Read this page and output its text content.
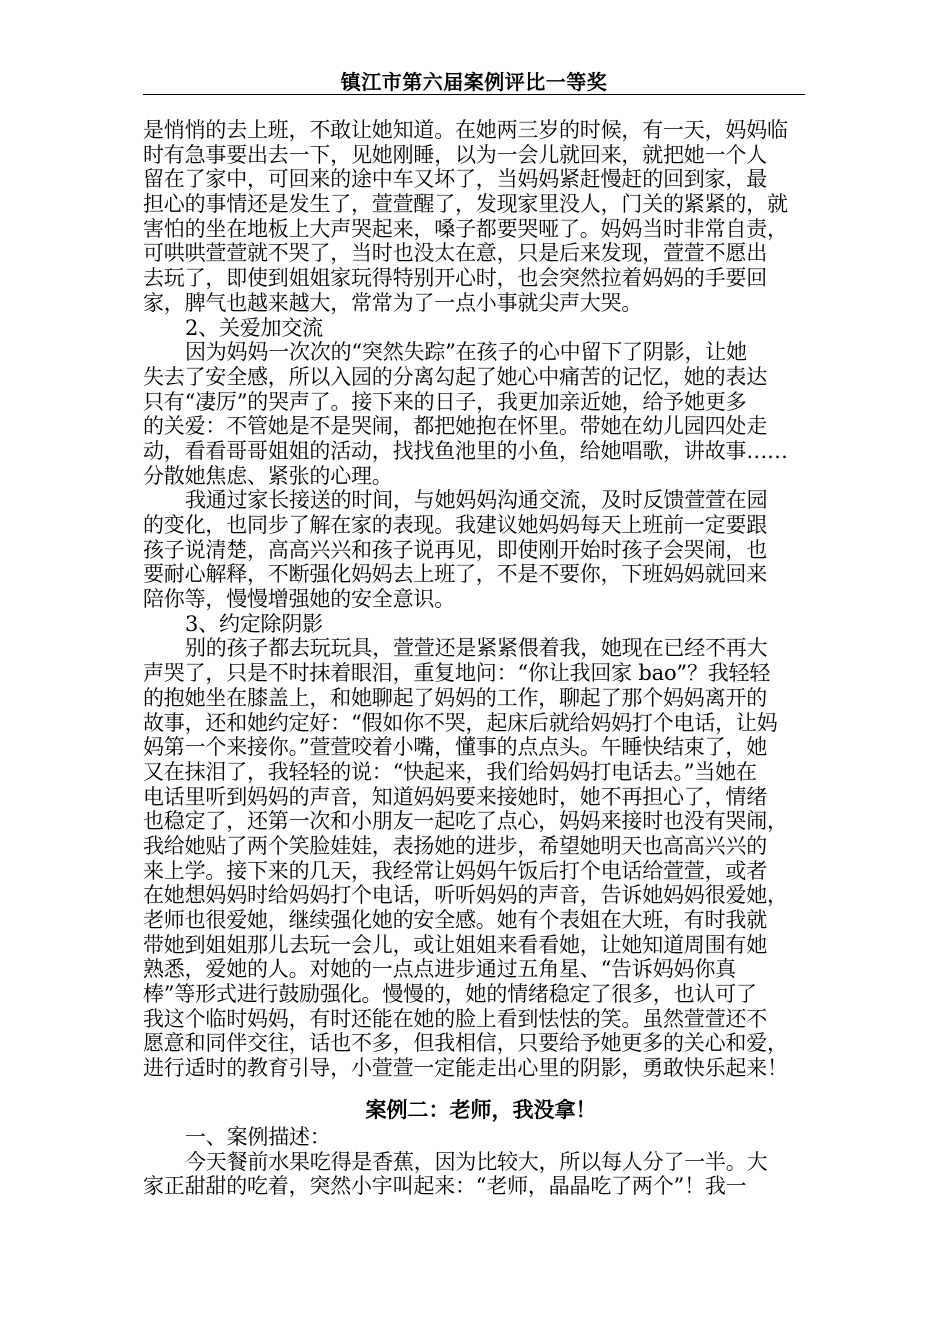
镇江市第六届案例评比一等奖
是悄悄的去上班，不敢让她知道。在她两三岁的时候，有一天，妈妈临
时有急事要出去一下，见她刚睡，以为一会儿就回来，就把她一个人
留在了家中，可回来的途中车又坏了，当妈妈紧赶慢赶的回到家，最
担心的事情还是发生了，萱萱醒了，发现家里没人，门关的紧紧的，就
害怕的坐在地板上大声哭起来，嗓子都要哭哑了。妈妈当时非常自责，
可哄哄萱萱就不哭了，当时也没太在意，只是后来发现，萱萱不愿出
去玩了，即使到姐姐家玩得特别开心时，也会突然拉着妈妈的手要回
家，脾气也越来越大，常常为了一点小事就尖声大哭。
2、关爱加交流
因为妈妈一次次的“突然失踪”在孩子的心中留下了阴影，让她
失去了安全感，所以入园的分离勾起了她心中痛苦的记忆，她的表达
只有“凄厉”的哭声了。接下来的日子，我更加亲近她，给予她更多
的关爱：不管她是不是哭闹，都把她抱在怀里。带她在幼儿园四处走
动，看看哥哥姐姐的活动，找找鱼池里的小鱼，给她唱歌，讲故事……
分散她焦虑、紧张的心理。
我通过家长接送的时间，与她妈妈沟通交流，及时反馈萱萱在园
的变化，也同步了解在家的表现。我建议她妈妈每天上班前一定要跟
孩子说清楚，高高兴兴和孩子说再见，即使刚开始时孩子会哭闹，也
要耐心解释，不断强化妈妈去上班了，不是不要你，下班妈妈就回来
陪你等，慢慢增强她的安全意识。
3、约定除阴影
别的孩子都去玩玩具，萱萱还是紧紧偎着我，她现在已经不再大
声哭了，只是不时抹着眼泪，重复地问：“你让我回家 bao”？我轻轻
的抱她坐在膝盖上，和她聊起了妈妈的工作，聊起了那个妈妈离开的
故事，还和她约定好：“假如你不哭，起床后就给妈妈打个电话，让妈
妈第一个来接你。”萱萱咬着小嘴，懂事的点点头。午睡快结束了，她
又在抹泪了，我轻轻的说：“快起来，我们给妈妈打电话去。”当她在
电话里听到妈妈的声音，知道妈妈要来接她时，她不再担心了，情绪
也稳定了，还第一次和小朋友一起吃了点心，妈妈来接时也没有哭闹，
我给她贴了两个笑脸娃娃，表扬她的进步，希望她明天也高高兴兴的
来上学。接下来的几天，我经常让妈妈午饭后打个电话给萱萱，或者
在她想妈妈时给妈妈打个电话，听听妈妈的声音，告诉她妈妈很爱她，
老师也很爱她，继续强化她的安全感。她有个表姐在大班，有时我就
带她到姐姐那儿去玩一会儿，或让姐姐来看看她，让她知道周围有她
熟悉，爱她的人。对她的一点点进步通过五角星、“告诉妈妈你真
棒”等形式进行鼓励强化。慢慢的，她的情绪稳定了很多，也认可了
我这个临时妈妈，有时还能在她的脸上看到怯怯的笑。虽然萱萱还不
愿意和同伴交往，话也不多，但我相信，只要给予她更多的关心和爱，
进行适时的教育引导，小萱萱一定能走出心里的阴影，勇敢快乐起来！
案例二：老师，我没拿！
一、案例描述：
今天餐前水果吃得是香蕉，因为比较大，所以每人分了一半。大
家正甜甜的吃着，突然小宇叫起来：“老师，晶晶吃了两个”！我一
